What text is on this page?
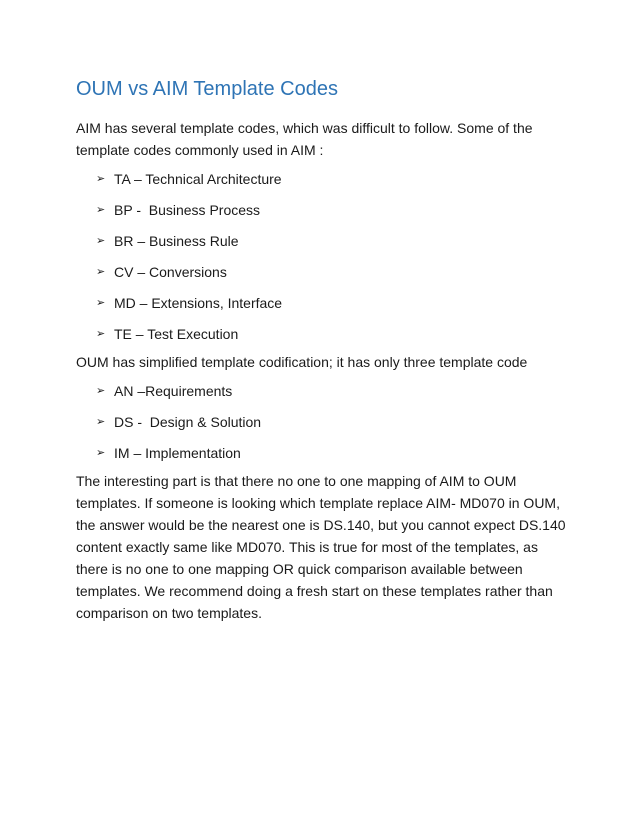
OUM vs AIM Template Codes

AIM has several template codes, which was difficult to follow. Some of the template codes commonly used in AIM :

➢ TA – Technical Architecture
➢ BP -  Business Process
➢ BR – Business Rule
➢ CV – Conversions
➢ MD – Extensions, Interface
➢ TE – Test Execution

OUM has simplified template codification; it has only three template code

➢ AN –Requirements
➢ DS -  Design & Solution
➢ IM – Implementation

The interesting part is that there no one to one mapping of AIM to OUM templates. If someone is looking which template replace AIM- MD070 in OUM, the answer would be the nearest one is DS.140, but you cannot expect DS.140 content exactly same like MD070. This is true for most of the templates, as there is no one to one mapping OR quick comparison available between templates. We recommend doing a fresh start on these templates rather than comparison on two templates.
